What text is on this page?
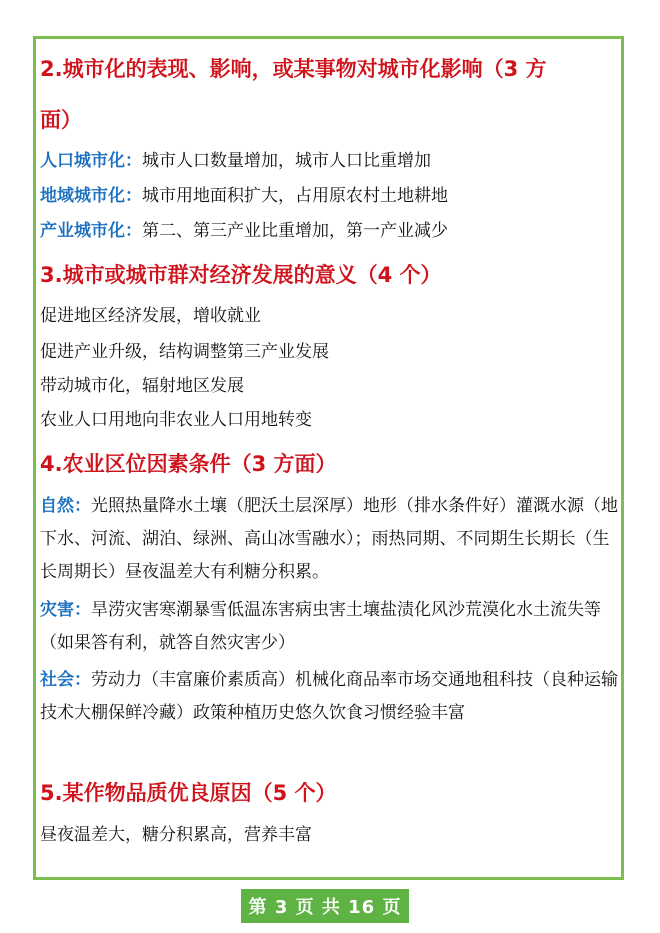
2.城市化的表现、影响，或某事物对城市化影响（3 方
面）
人口城市化：城市人口数量增加，城市人口比重增加
地域城市化：城市用地面积扩大，占用原农村土地耕地
产业城市化：第二、第三产业比重增加，第一产业减少
3.城市或城市群对经济发展的意义（4 个）
促进地区经济发展，增收就业
促进产业升级，结构调整第三产业发展
带动城市化，辐射地区发展
农业人口用地向非农业人口用地转变
4.农业区位因素条件（3 方面）
自然：光照热量降水土壤（肥沃土层深厚）地形（排水条件好）灌溉水源（地下水、河流、湖泊、绿洲、高山冰雪融水）；雨热同期、不同期生长期长（生长周期长）昼夜温差大有利糖分积累。
灾害：旱涝灾害寒潮暴雪低温冻害病虫害土壤盐渍化风沙荒漠化水土流失等（如果答有利，就答自然灾害少）
社会：劳动力（丰富廉价素质高）机械化商品率市场交通地租科技（良种运输技术大棚保鲜冷藏）政策种植历史悠久饮食习惯经验丰富
5.某作物品质优良原因（5 个）
昼夜温差大，糖分积累高，营养丰富
第 3 页 共 16 页
